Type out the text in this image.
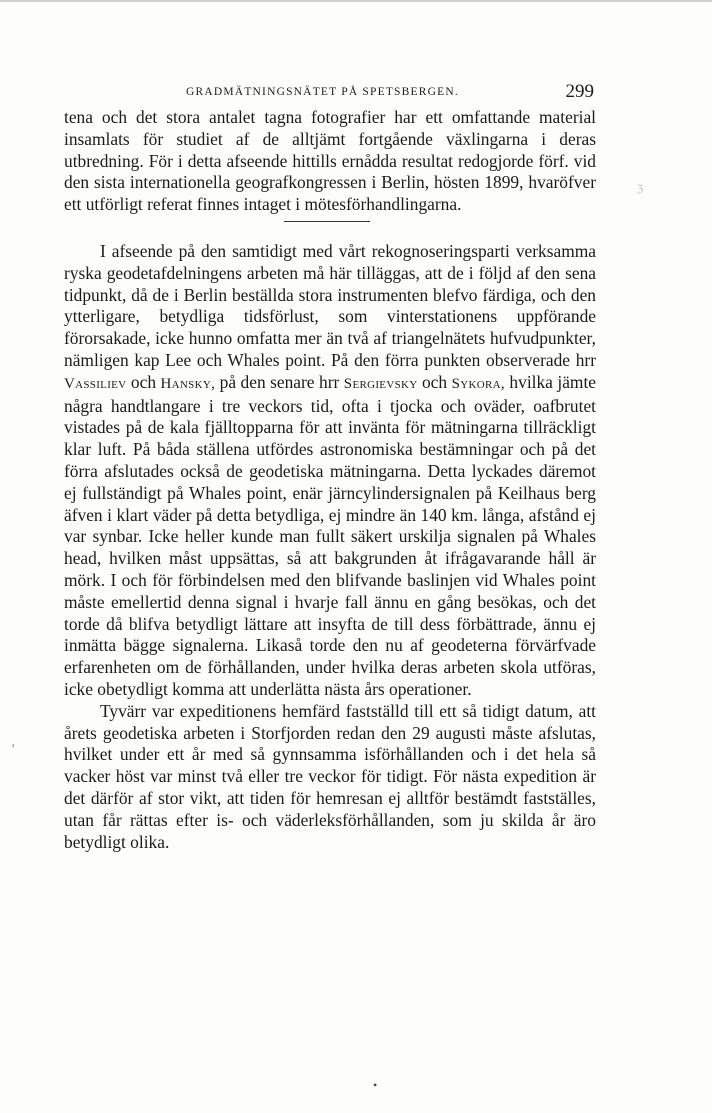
GRADMÄTNINGSNÄTET PÅ SPETSBERGEN.	299

tena och det stora antalet tagna fotografier har ett omfattande material insamlats för studiet af de alltjämt fortgående växlingarna i deras utbredning. För i detta afseende hittills ernådda resultat redogjorde förf. vid den sista internationella geografkongressen i Berlin, hösten 1899, hvaröfver ett utförligt referat finnes intaget i mötesförhandlingarna.

I afseende på den samtidigt med vårt rekognoseringsparti verksamma ryska geodetafdelningens arbeten må här tilläggas, att de i följd af den sena tidpunkt, då de i Berlin beställda stora instrumenten blefvo färdiga, och den ytterligare, betydliga tidsförlust, som vinterstationens uppförande förorsakade, icke hunno omfatta mer än två af triangelnätets hufvudpunkter, nämligen kap Lee och Whales point. På den förra punkten observerade hrr Vassiliev och Hansky, på den senare hrr Sergievsky och Sykora, hvilka jämte några handtlangare i tre veckors tid, ofta i tjocka och oväder, oafbrutet vistades på de kala fjälltopparna för att invänta för mätningarna tillräckligt klar luft. På båda ställena utfördes astronomiska bestämningar och på det förra afslutades också de geodetiska mätningarna. Detta lyckades däremot ej fullständigt på Whales point, enär järncylindersignalen på Keilhaus berg äfven i klart väder på detta betydliga, ej mindre än 140 km. långa, afstånd ej var synbar. Icke heller kunde man fullt säkert urskilja signalen på Whales head, hvilken måst uppsättas, så att bakgrunden åt ifrågavarande håll är mörk. I och för förbindelsen med den blifvande baslinjen vid Whales point måste emellertid denna signal i hvarje fall ännu en gång besökas, och det torde då blifva betydligt lättare att insyfta de till dess förbättrade, ännu ej inmätta bägge signalerna. Likaså torde den nu af geodeterna förvärfvade erfarenheten om de förhållanden, under hvilka deras arbeten skola utföras, icke obetydligt komma att underlätta nästa års operationer.

Tyvärr var expeditionens hemfärd fastställd till ett så tidigt datum, att årets geodetiska arbeten i Storfjorden redan den 29 augusti måste afslutas, hvilket under ett år med så gynnsamma isförhållanden och i det hela så vacker höst var minst två eller tre veckor för tidigt. För nästa expedition är det därför af stor vikt, att tiden för hemresan ej alltför bestämdt fastställes, utan får rättas efter is- och väderleksförhållanden, som ju skilda år äro betydligt olika.

′
ℨ
•
